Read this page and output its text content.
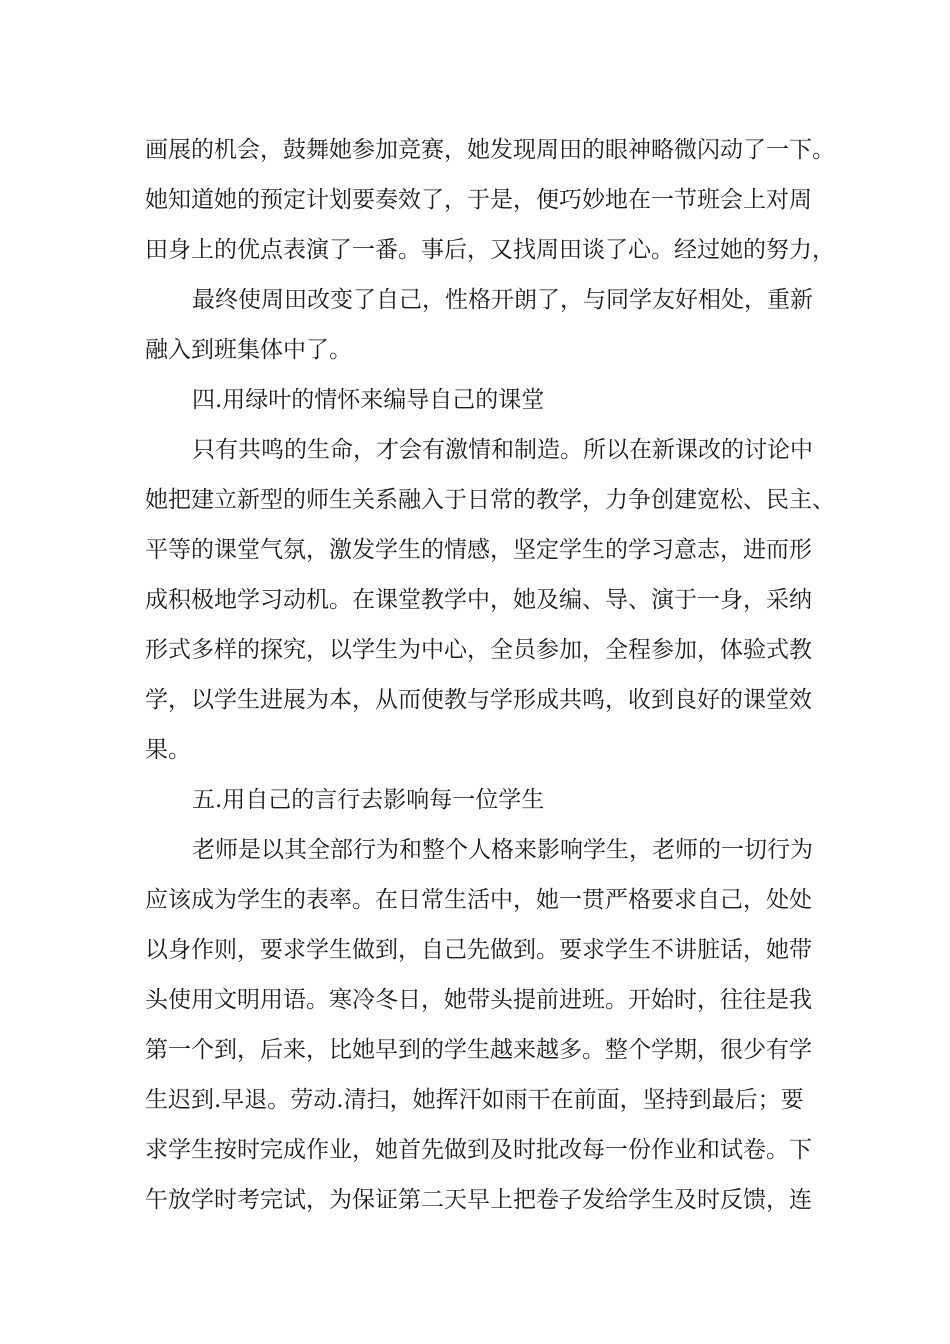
画展的机会，鼓舞她参加竞赛，她发现周田的眼神略微闪动了一下。
她知道她的预定计划要奏效了，于是，便巧妙地在一节班会上对周
田身上的优点表演了一番。事后，又找周田谈了心。经过她的努力，
最终使周田改变了自己，性格开朗了，与同学友好相处，重新
融入到班集体中了。
四.用绿叶的情怀来编导自己的课堂
只有共鸣的生命，才会有激情和制造。所以在新课改的讨论中
她把建立新型的师生关系融入于日常的教学，力争创建宽松、民主、
平等的课堂气氛，激发学生的情感，坚定学生的学习意志，进而形
成积极地学习动机。在课堂教学中，她及编、导、演于一身，采纳
形式多样的探究，以学生为中心，全员参加，全程参加，体验式教
学，以学生进展为本，从而使教与学形成共鸣，收到良好的课堂效
果。
五.用自己的言行去影响每一位学生
老师是以其全部行为和整个人格来影响学生，老师的一切行为
应该成为学生的表率。在日常生活中，她一贯严格要求自己，处处
以身作则，要求学生做到，自己先做到。要求学生不讲脏话，她带
头使用文明用语。寒冷冬日，她带头提前进班。开始时，往往是我
第一个到，后来，比她早到的学生越来越多。整个学期，很少有学
生迟到.早退。劳动.清扫，她挥汗如雨干在前面，坚持到最后；要
求学生按时完成作业，她首先做到及时批改每一份作业和试卷。下
午放学时考完试，为保证第二天早上把卷子发给学生及时反馈，连
